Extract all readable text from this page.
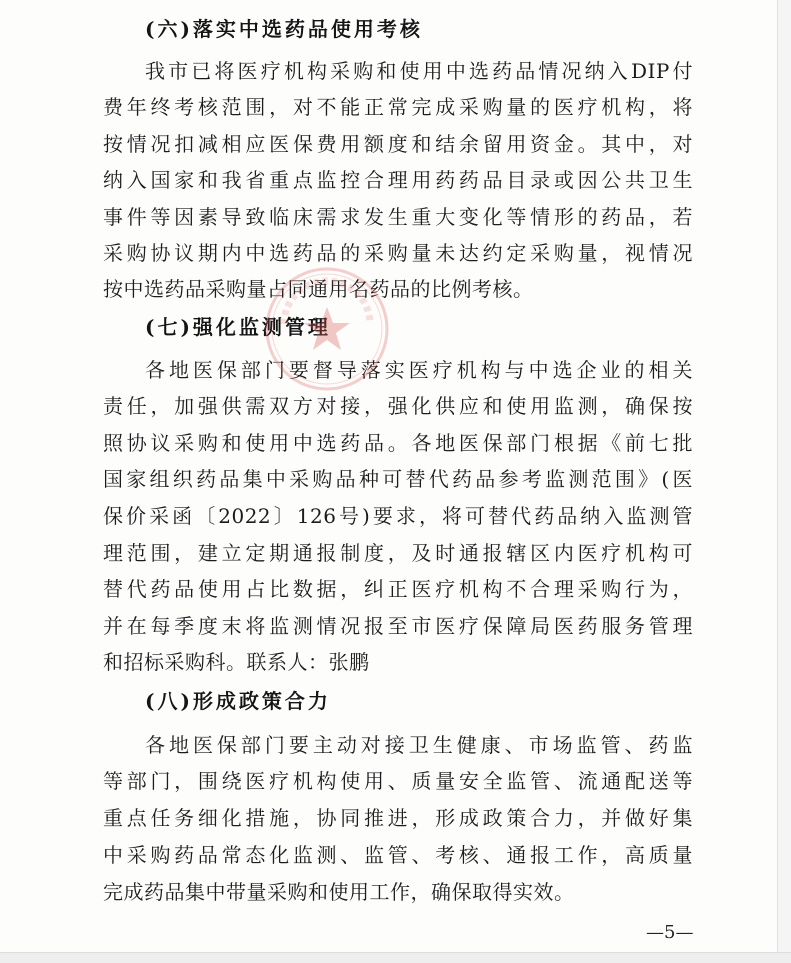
(六)落实中选药品使用考核
我市已将医疗机构采购和使用中选药品情况纳入DIP付
费年终考核范围，对不能正常完成采购量的医疗机构，将
按情况扣减相应医保费用额度和结余留用资金。其中，对
纳入国家和我省重点监控合理用药药品目录或因公共卫生
事件等因素导致临床需求发生重大变化等情形的药品，若
采购协议期内中选药品的采购量未达约定采购量，视情况
按中选药品采购量占同通用名药品的比例考核。
(七)强化监测管理
各地医保部门要督导落实医疗机构与中选企业的相关
责任，加强供需双方对接，强化供应和使用监测，确保按
照协议采购和使用中选药品。各地医保部门根据《前七批
国家组织药品集中采购品种可替代药品参考监测范围》(医
保价采函〔2022〕126号)要求，将可替代药品纳入监测管
理范围，建立定期通报制度，及时通报辖区内医疗机构可
替代药品使用占比数据，纠正医疗机构不合理采购行为，
并在每季度末将监测情况报至市医疗保障局医药服务管理
和招标采购科。联系人：张鹏
(八)形成政策合力
各地医保部门要主动对接卫生健康、市场监管、药监
等部门，围绕医疗机构使用、质量安全监管、流通配送等
重点任务细化措施，协同推进，形成政策合力，并做好集
中采购药品常态化监测、监管、考核、通报工作，高质量
完成药品集中带量采购和使用工作，确保取得实效。
—5—
